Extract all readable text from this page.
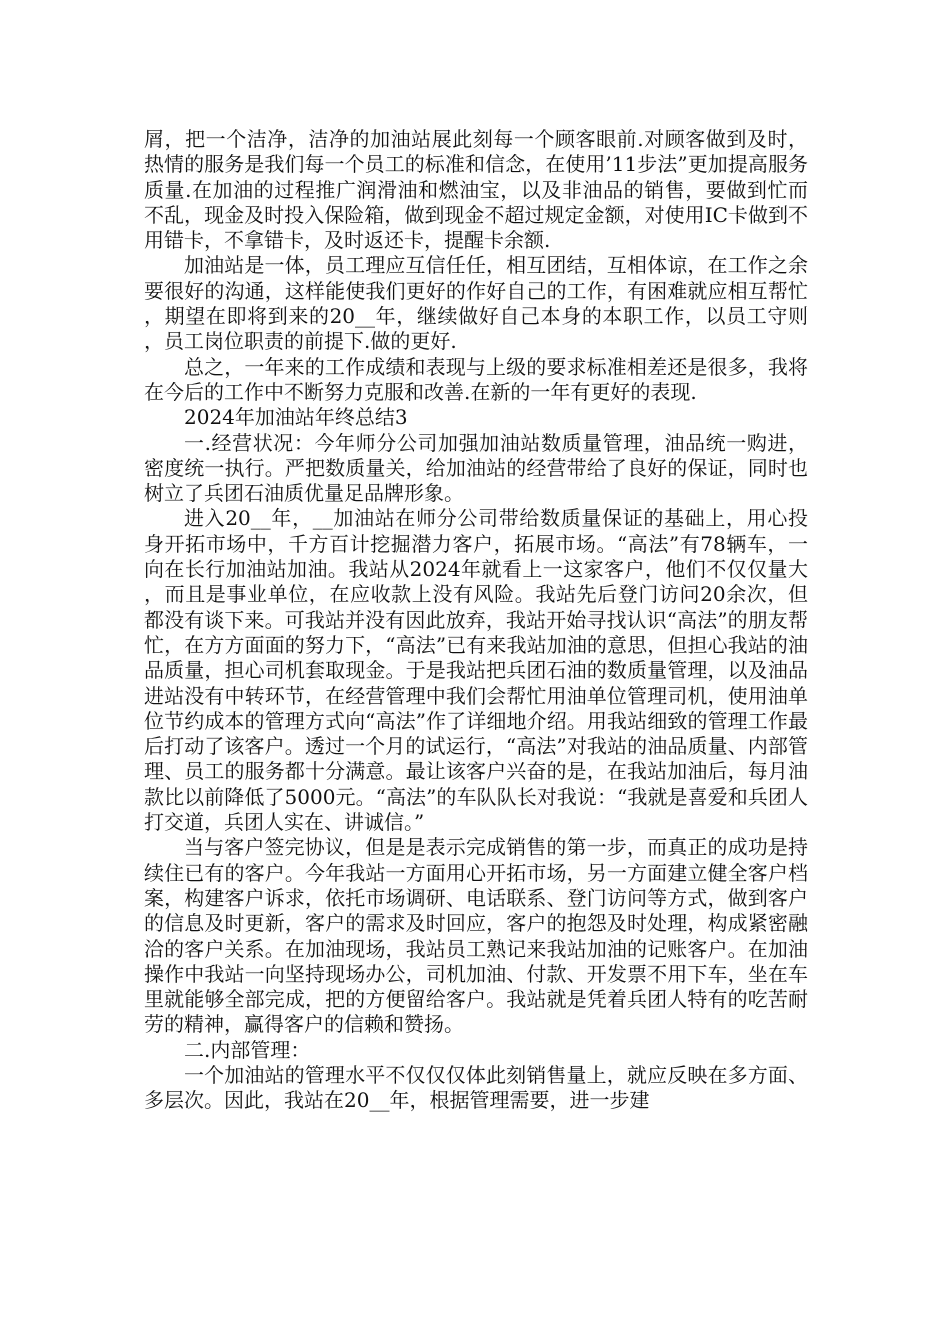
屑，把一个洁净，洁净的加油站展此刻每一个顾客眼前.对顾客做到及时，热情的服务是我们每一个员工的标准和信念，在使用’11步法”更加提高服务质量.在加油的过程推广润滑油和燃油宝，以及非油品的销售，要做到忙而不乱，现金及时投入保险箱，做到现金不超过规定金额，对使用IC卡做到不用错卡，不拿错卡，及时返还卡，提醒卡余额.

加油站是一体，员工理应互信任任，相互团结，互相体谅，在工作之余要很好的沟通，这样能使我们更好的作好自己的工作，有困难就应相互帮忙，期望在即将到来的20__年，继续做好自己本身的本职工作，以员工守则，员工岗位职责的前提下.做的更好.

总之，一年来的工作成绩和表现与上级的要求标准相差还是很多，我将在今后的工作中不断努力克服和改善.在新的一年有更好的表现.

2024年加油站年终总结3

一.经营状况：今年师分公司加强加油站数质量管理，油品统一购进，密度统一执行。严把数质量关，给加油站的经营带给了良好的保证，同时也树立了兵团石油质优量足品牌形象。

进入20__年，__加油站在师分公司带给数质量保证的基础上，用心投身开拓市场中，千方百计挖掘潜力客户，拓展市场。“高法”有78辆车，一向在长行加油站加油。我站从2024年就看上一这家客户，他们不仅仅量大，而且是事业单位，在应收款上没有风险。我站先后登门访问20余次，但都没有谈下来。可我站并没有因此放弃，我站开始寻找认识“高法”的朋友帮忙，在方方面面的努力下，“高法”已有来我站加油的意思，但担心我站的油品质量，担心司机套取现金。于是我站把兵团石油的数质量管理，以及油品进站没有中转环节，在经营管理中我们会帮忙用油单位管理司机，使用油单位节约成本的管理方式向“高法”作了详细地介绍。用我站细致的管理工作最后打动了该客户。透过一个月的试运行，“高法”对我站的油品质量、内部管理、员工的服务都十分满意。最让该客户兴奋的是，在我站加油后，每月油款比以前降低了5000元。“高法”的车队队长对我说：“我就是喜爱和兵团人打交道，兵团人实在、讲诚信。”

当与客户签完协议，但是是表示完成销售的第一步，而真正的成功是持续住已有的客户。今年我站一方面用心开拓市场，另一方面建立健全客户档案，构建客户诉求，依托市场调研、电话联系、登门访问等方式，做到客户的信息及时更新，客户的需求及时回应，客户的抱怨及时处理，构成紧密融洽的客户关系。在加油现场，我站员工熟记来我站加油的记账客户。在加油操作中我站一向坚持现场办公，司机加油、付款、开发票不用下车，坐在车里就能够全部完成，把的方便留给客户。我站就是凭着兵团人特有的吃苦耐劳的精神，赢得客户的信赖和赞扬。

二.内部管理：

一个加油站的管理水平不仅仅仅体此刻销售量上，就应反映在多方面、多层次。因此，我站在20__年，根据管理需要，进一步建
